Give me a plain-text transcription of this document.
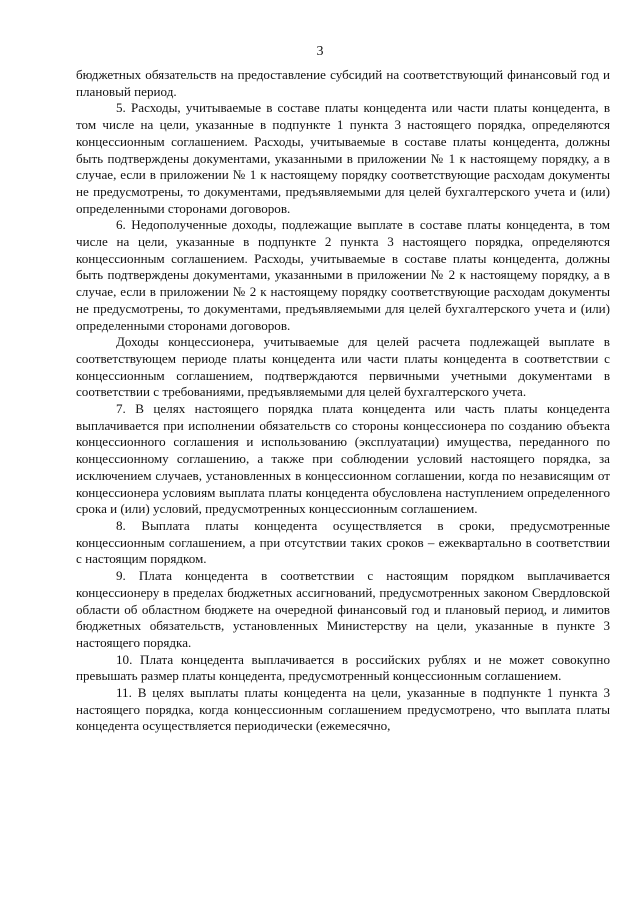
3

бюджетных обязательств на предоставление субсидий на соответствующий финансовый год и плановый период.

5. Расходы, учитываемые в составе платы концедента или части платы концедента, в том числе на цели, указанные в подпункте 1 пункта 3 настоящего порядка, определяются концессионным соглашением. Расходы, учитываемые в составе платы концедента, должны быть подтверждены документами, указанными в приложении № 1 к настоящему порядку, а в случае, если в приложении № 1 к настоящему порядку соответствующие расходам документы не предусмотрены, то документами, предъявляемыми для целей бухгалтерского учета и (или) определенными сторонами договоров.

6. Недополученные доходы, подлежащие выплате в составе платы концедента, в том числе на цели, указанные в подпункте 2 пункта 3 настоящего порядка, определяются концессионным соглашением. Расходы, учитываемые в составе платы концедента, должны быть подтверждены документами, указанными в приложении № 2 к настоящему порядку, а в случае, если в приложении № 2 к настоящему порядку соответствующие расходам документы не предусмотрены, то документами, предъявляемыми для целей бухгалтерского учета и (или) определенными сторонами договоров.

Доходы концессионера, учитываемые для целей расчета подлежащей выплате в соответствующем периоде платы концедента или части платы концедента в соответствии с концессионным соглашением, подтверждаются первичными учетными документами в соответствии с требованиями, предъявляемыми для целей бухгалтерского учета.

7. В целях настоящего порядка плата концедента или часть платы концедента выплачивается при исполнении обязательств со стороны концессионера по созданию объекта концессионного соглашения и использованию (эксплуатации) имущества, переданного по концессионному соглашению, а также при соблюдении условий настоящего порядка, за исключением случаев, установленных в концессионном соглашении, когда по независящим от концессионера условиям выплата платы концедента обусловлена наступлением определенного срока и (или) условий, предусмотренных концессионным соглашением.

8. Выплата платы концедента осуществляется в сроки, предусмотренные концессионным соглашением, а при отсутствии таких сроков – ежеквартально в соответствии с настоящим порядком.

9. Плата концедента в соответствии с настоящим порядком выплачивается концессионеру в пределах бюджетных ассигнований, предусмотренных законом Свердловской области об областном бюджете на очередной финансовый год и плановый период, и лимитов бюджетных обязательств, установленных Министерству на цели, указанные в пункте 3 настоящего порядка.

10. Плата концедента выплачивается в российских рублях и не может совокупно превышать размер платы концедента, предусмотренный концессионным соглашением.

11. В целях выплаты платы концедента на цели, указанные в подпункте 1 пункта 3 настоящего порядка, когда концессионным соглашением предусмотрено, что выплата платы концедента осуществляется периодически (ежемесячно,
